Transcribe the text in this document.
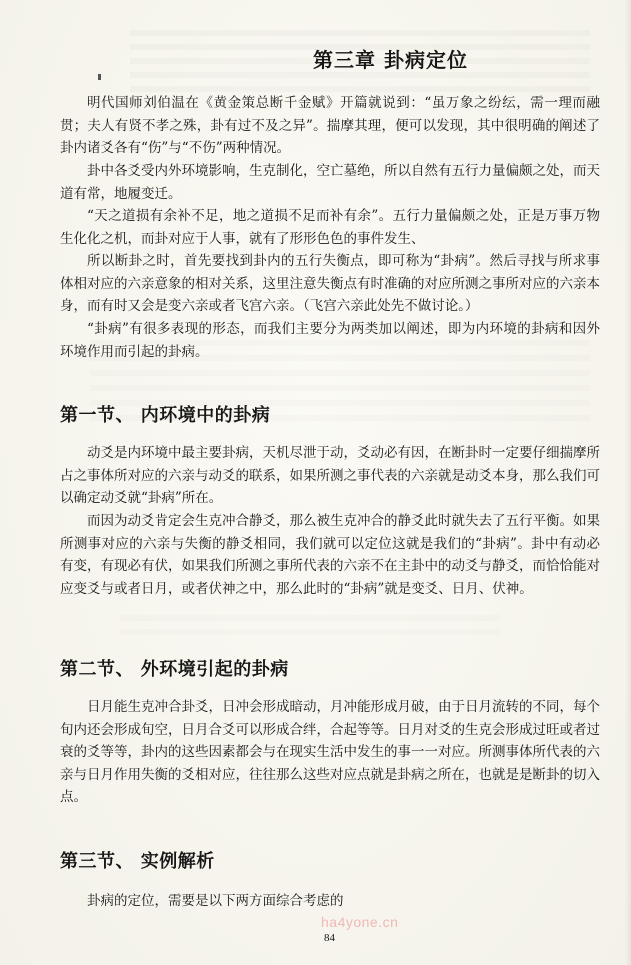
第三章 卦病定位

明代国师刘伯温在《黄金策总断千金赋》开篇就说到：“虽万象之纷纭，需一理而融贯；夫人有贤不孝之殊，卦有过不及之异”。揣摩其理，便可以发现，其中很明确的阐述了卦内诸爻各有“伤”与“不伤”两种情况。

卦中各爻受内外环境影响，生克制化，空亡墓绝，所以自然有五行力量偏颇之处，而天道有常，地履变迁。

“天之道损有余补不足，地之道损不足而补有余”。五行力量偏颇之处，正是万事万物生化化之机，而卦对应于人事，就有了形形色色的事件发生、

所以断卦之时，首先要找到卦内的五行失衡点，即可称为“卦病”。然后寻找与所求事体相对应的六亲意象的相对关系，这里注意失衡点有时准确的对应所测之事所对应的六亲本身，而有时又会是变六亲或者飞宫六亲。（飞宫六亲此处先不做讨论。）

“卦病”有很多表现的形态，而我们主要分为两类加以阐述，即为内环境的卦病和因外环境作用而引起的卦病。

第一节、 内环境中的卦病

动爻是内环境中最主要卦病，天机尽泄于动，爻动必有因，在断卦时一定要仔细揣摩所占之事体所对应的六亲与动爻的联系，如果所测之事代表的六亲就是动爻本身，那么我们可以确定动爻就“卦病”所在。

而因为动爻肯定会生克冲合静爻，那么被生克冲合的静爻此时就失去了五行平衡。如果所测事对应的六亲与失衡的静爻相同，我们就可以定位这就是我们的“卦病”。卦中有动必有变，有现必有伏，如果我们所测之事所代表的六亲不在主卦中的动爻与静爻，而恰恰能对应变爻与或者日月，或者伏神之中，那么此时的“卦病”就是变爻、日月、伏神。

第二节、 外环境引起的卦病

日月能生克冲合卦爻，日冲会形成暗动，月冲能形成月破，由于日月流转的不同，每个旬内还会形成旬空，日月合爻可以形成合绊，合起等等。日月对爻的生克会形成过旺或者过衰的爻等等，卦内的这些因素都会与在现实生活中发生的事一一对应。所测事体所代表的六亲与日月作用失衡的爻相对应，往往那么这些对应点就是卦病之所在，也就是是断卦的切入点。

第三节、 实例解析

卦病的定位，需要是以下两方面综合考虑的

ha4yone.cn
84
